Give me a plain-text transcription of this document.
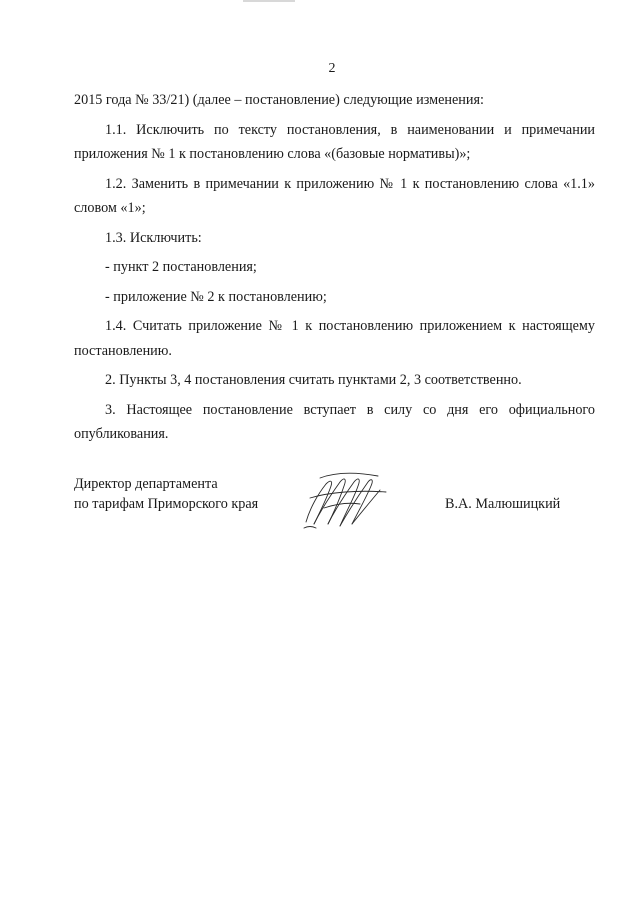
2

2015 года № 33/21) (далее – постановление) следующие изменения:

1.1. Исключить по тексту постановления, в наименовании и примечании приложения № 1 к постановлению слова «(базовые нормативы)»;

1.2. Заменить в примечании к приложению № 1 к постановлению слова «1.1» словом «1»;

1.3. Исключить:

- пункт 2 постановления;

- приложение № 2 к постановлению;

1.4. Считать приложение № 1 к постановлению приложением к настоящему постановлению.

2. Пункты 3, 4 постановления считать пунктами 2, 3 соответственно.

3. Настоящее постановление вступает в силу со дня его официального опубликования.

Директор департамента
по тарифам Приморского края	В.А. Малюшицкий
